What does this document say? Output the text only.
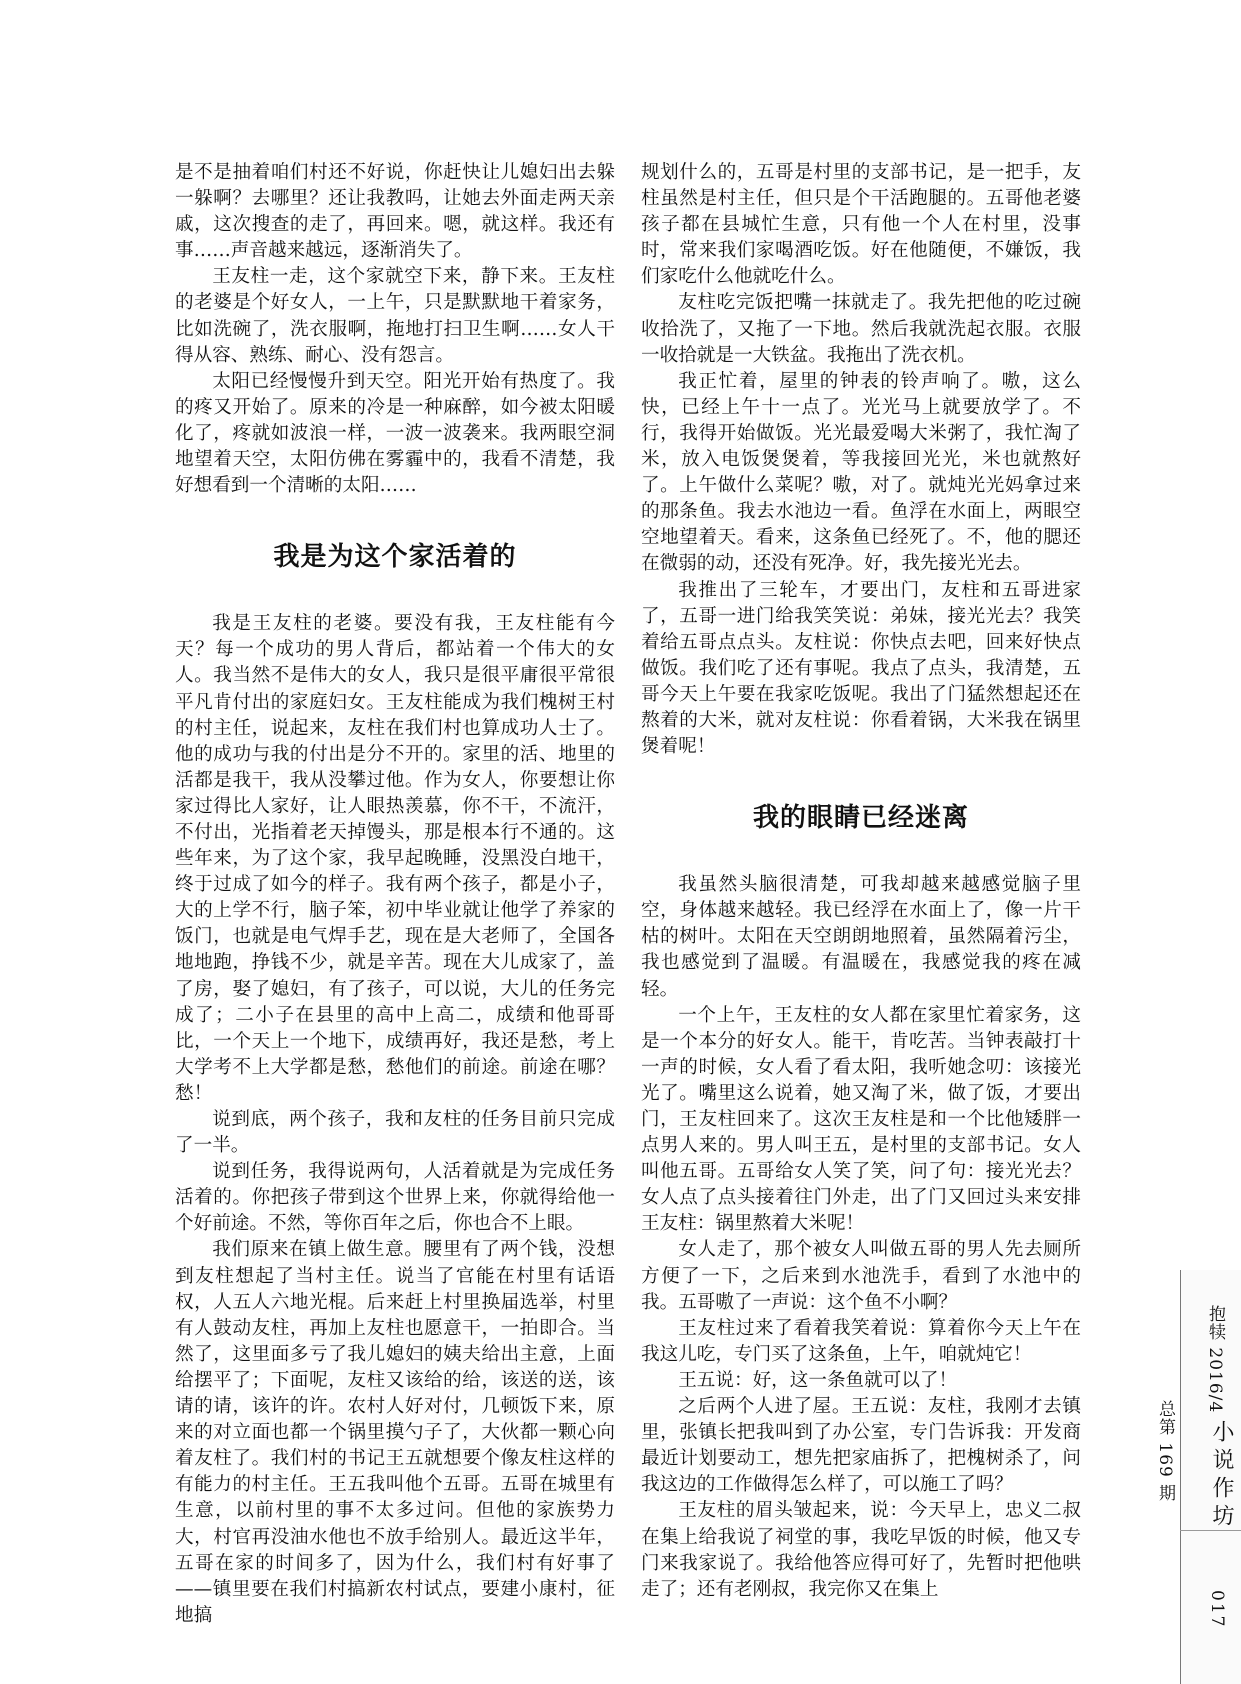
是不是抽着咱们村还不好说，你赶快让儿媳妇出去躲一躲啊？去哪里？还让我教吗，让她去外面走两天亲戚，这次搜查的走了，再回来。嗯，就这样。我还有事……声音越来越远，逐渐消失了。

王友柱一走，这个家就空下来，静下来。王友柱的老婆是个好女人，一上午，只是默默地干着家务，比如洗碗了，洗衣服啊，拖地打扫卫生啊……女人干得从容、熟练、耐心、没有怨言。

太阳已经慢慢升到天空。阳光开始有热度了。我的疼又开始了。原来的冷是一种麻醉，如今被太阳暖化了，疼就如波浪一样，一波一波袭来。我两眼空洞地望着天空，太阳仿佛在雾霾中的，我看不清楚，我好想看到一个清晰的太阳……

我是为这个家活着的

我是王友柱的老婆。要没有我，王友柱能有今天？每一个成功的男人背后，都站着一个伟大的女人。我当然不是伟大的女人，我只是很平庸很平常很平凡肯付出的家庭妇女。王友柱能成为我们槐树王村的村主任，说起来，友柱在我们村也算成功人士了。他的成功与我的付出是分不开的。家里的活、地里的活都是我干，我从没攀过他。作为女人，你要想让你家过得比人家好，让人眼热羡慕，你不干，不流汗，不付出，光指着老天掉馒头，那是根本行不通的。这些年来，为了这个家，我早起晚睡，没黑没白地干，终于过成了如今的样子。我有两个孩子，都是小子，大的上学不行，脑子笨，初中毕业就让他学了养家的饭门，也就是电气焊手艺，现在是大老师了，全国各地地跑，挣钱不少，就是辛苦。现在大儿成家了，盖了房，娶了媳妇，有了孩子，可以说，大儿的任务完成了；二小子在县里的高中上高二，成绩和他哥哥比，一个天上一个地下，成绩再好，我还是愁，考上大学考不上大学都是愁，愁他们的前途。前途在哪？愁！

说到底，两个孩子，我和友柱的任务目前只完成了一半。

说到任务，我得说两句，人活着就是为完成任务活着的。你把孩子带到这个世界上来，你就得给他一个好前途。不然，等你百年之后，你也合不上眼。

我们原来在镇上做生意。腰里有了两个钱，没想到友柱想起了当村主任。说当了官能在村里有话语权，人五人六地光棍。后来赶上村里换届选举，村里有人鼓动友柱，再加上友柱也愿意干，一拍即合。当然了，这里面多亏了我儿媳妇的姨夫给出主意，上面给摆平了；下面呢，友柱又该给的给，该送的送，该请的请，该许的许。农村人好对付，几顿饭下来，原来的对立面也都一个锅里摸勺子了，大伙都一颗心向着友柱了。我们村的书记王五就想要个像友柱这样的有能力的村主任。王五我叫他个五哥。五哥在城里有生意，以前村里的事不太多过问。但他的家族势力大，村官再没油水他也不放手给别人。最近这半年，五哥在家的时间多了，因为什么，我们村有好事了——镇里要在我们村搞新农村试点，要建小康村，征地搞

规划什么的，五哥是村里的支部书记，是一把手，友柱虽然是村主任，但只是个干活跑腿的。五哥他老婆孩子都在县城忙生意，只有他一个人在村里，没事时，常来我们家喝酒吃饭。好在他随便，不嫌饭，我们家吃什么他就吃什么。

友柱吃完饭把嘴一抹就走了。我先把他的吃过碗收拾洗了，又拖了一下地。然后我就洗起衣服。衣服一收拾就是一大铁盆。我拖出了洗衣机。

我正忙着，屋里的钟表的铃声响了。嗷，这么快，已经上午十一点了。光光马上就要放学了。不行，我得开始做饭。光光最爱喝大米粥了，我忙淘了米，放入电饭煲煲着，等我接回光光，米也就熬好了。上午做什么菜呢？嗷，对了。就炖光光妈拿过来的那条鱼。我去水池边一看。鱼浮在水面上，两眼空空地望着天。看来，这条鱼已经死了。不，他的腮还在微弱的动，还没有死净。好，我先接光光去。

我推出了三轮车，才要出门，友柱和五哥进家了，五哥一进门给我笑笑说：弟妹，接光光去？我笑着给五哥点点头。友柱说：你快点去吧，回来好快点做饭。我们吃了还有事呢。我点了点头，我清楚，五哥今天上午要在我家吃饭呢。我出了门猛然想起还在熬着的大米，就对友柱说：你看着锅，大米我在锅里煲着呢！

我的眼睛已经迷离

我虽然头脑很清楚，可我却越来越感觉脑子里空，身体越来越轻。我已经浮在水面上了，像一片干枯的树叶。太阳在天空朗朗地照着，虽然隔着污尘，我也感觉到了温暖。有温暖在，我感觉我的疼在减轻。

一个上午，王友柱的女人都在家里忙着家务，这是一个本分的好女人。能干，肯吃苦。当钟表敲打十一声的时候，女人看了看太阳，我听她念叨：该接光光了。嘴里这么说着，她又淘了米，做了饭，才要出门，王友柱回来了。这次王友柱是和一个比他矮胖一点男人来的。男人叫王五，是村里的支部书记。女人叫他五哥。五哥给女人笑了笑，问了句：接光光去？女人点了点头接着往门外走，出了门又回过头来安排王友柱：锅里熬着大米呢！

女人走了，那个被女人叫做五哥的男人先去厕所方便了一下，之后来到水池洗手，看到了水池中的我。五哥嗷了一声说：这个鱼不小啊？

王友柱过来了看着我笑着说：算着你今天上午在我这儿吃，专门买了这条鱼，上午，咱就炖它！

王五说：好，这一条鱼就可以了！

之后两个人进了屋。王五说：友柱，我刚才去镇里，张镇长把我叫到了办公室，专门告诉我：开发商最近计划要动工，想先把家庙拆了，把槐树杀了，问我这边的工作做得怎么样了，可以施工了吗？

王友柱的眉头皱起来，说：今天早上，忠义二叔在集上给我说了祠堂的事，我吃早饭的时候，他又专门来我家说了。我给他答应得可好了，先暂时把他哄走了；还有老刚叔，我完你又在集上

抱犊 2016/4
总第 169 期	小说作坊
017
